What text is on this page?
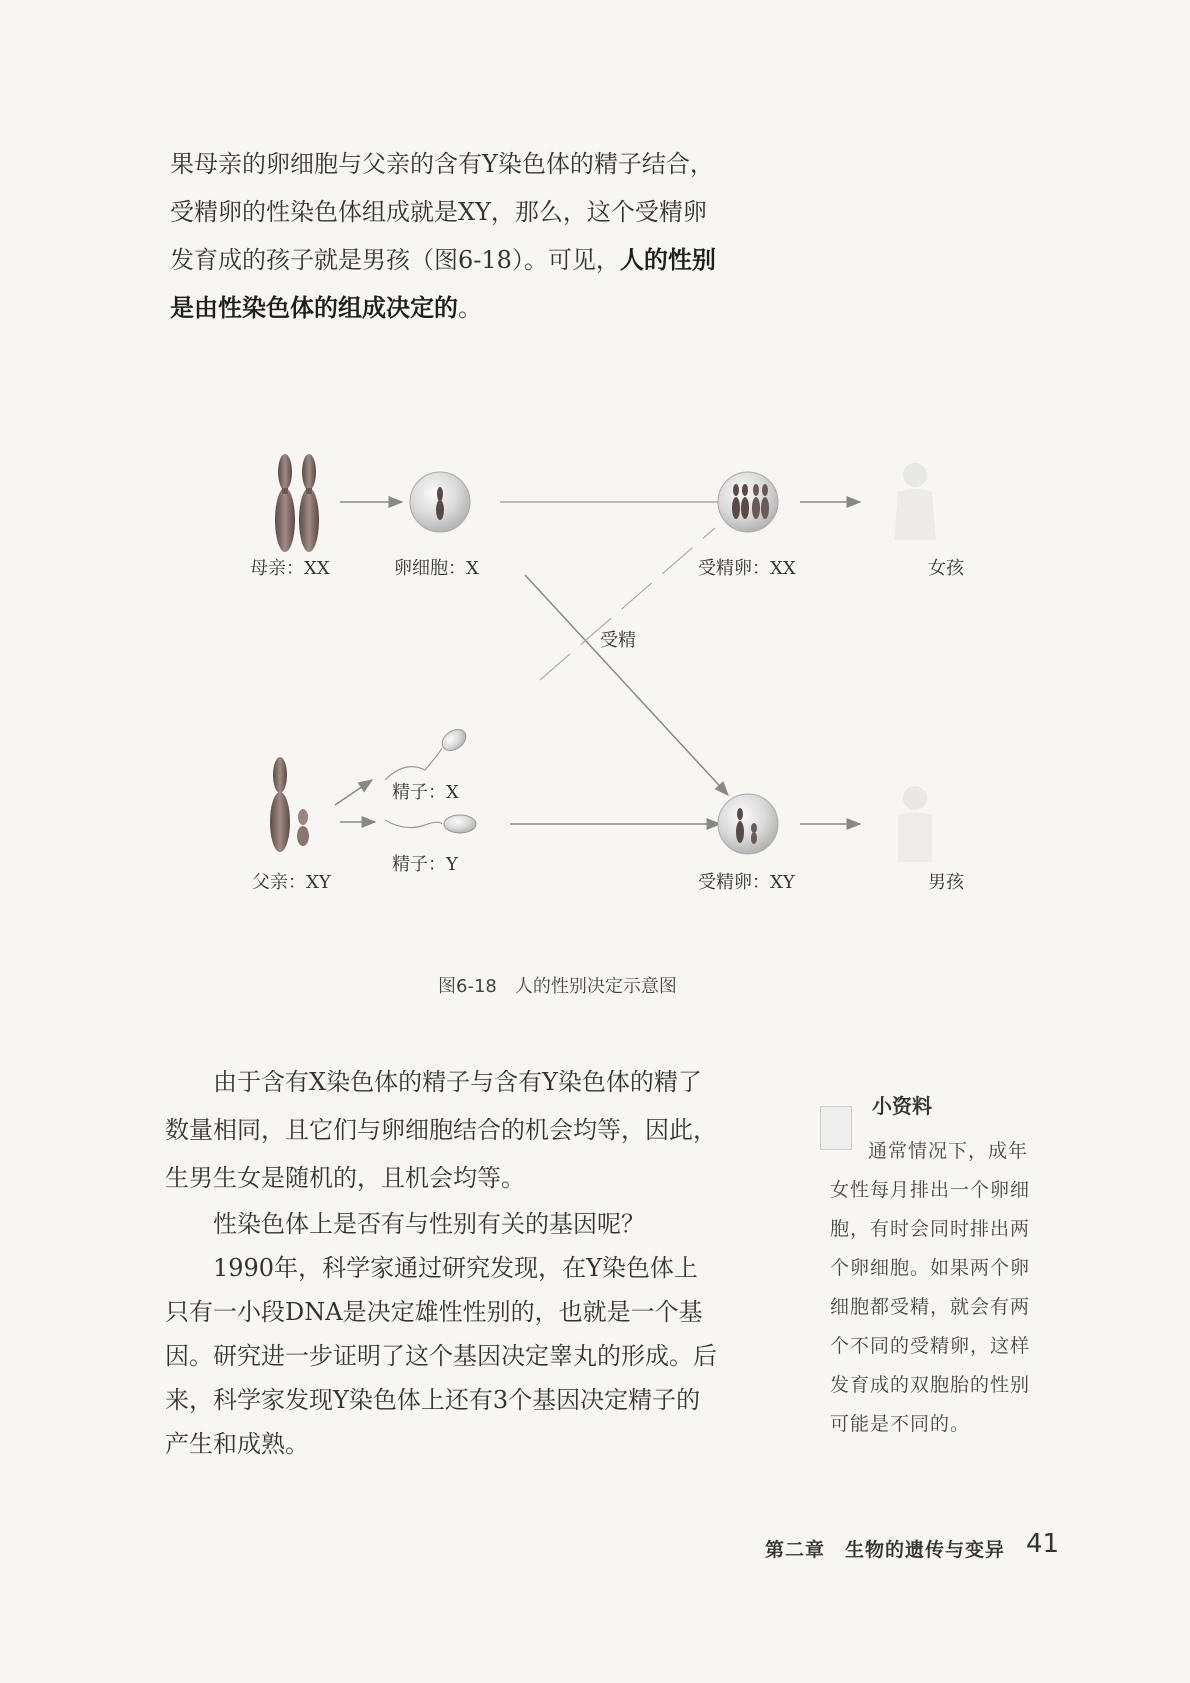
果母亲的卵细胞与父亲的含有Y染色体的精子结合，
受精卵的性染色体组成就是XY，那么，这个受精卵
发育成的孩子就是男孩（图6-18）。可见，人的性别
是由性染色体的组成决定的。
母亲：XX	卵细胞：X	受精卵：XX	女孩
受精
精子：X
精子：Y
父亲：XY	受精卵：XY	男孩
图6-18　人的性别决定示意图

由于含有X染色体的精子与含有Y染色体的精了
数量相同，且它们与卵细胞结合的机会均等，因此，
生男生女是随机的，且机会均等。

性染色体上是否有与性别有关的基因呢？

1990年，科学家通过研究发现，在Y染色体上
只有一小段DNA是决定雄性性别的，也就是一个基
因。研究进一步证明了这个基因决定睾丸的形成。后
来，科学家发现Y染色体上还有3个基因决定精子的
产生和成熟。

小资料
通常情况下，成年
女性每月排出一个卵细
胞，有时会同时排出两
个卵细胞。如果两个卵
细胞都受精，就会有两
个不同的受精卵，这样
发育成的双胞胎的性别
可能是不同的。
第二章　生物的遗传与变异 41
